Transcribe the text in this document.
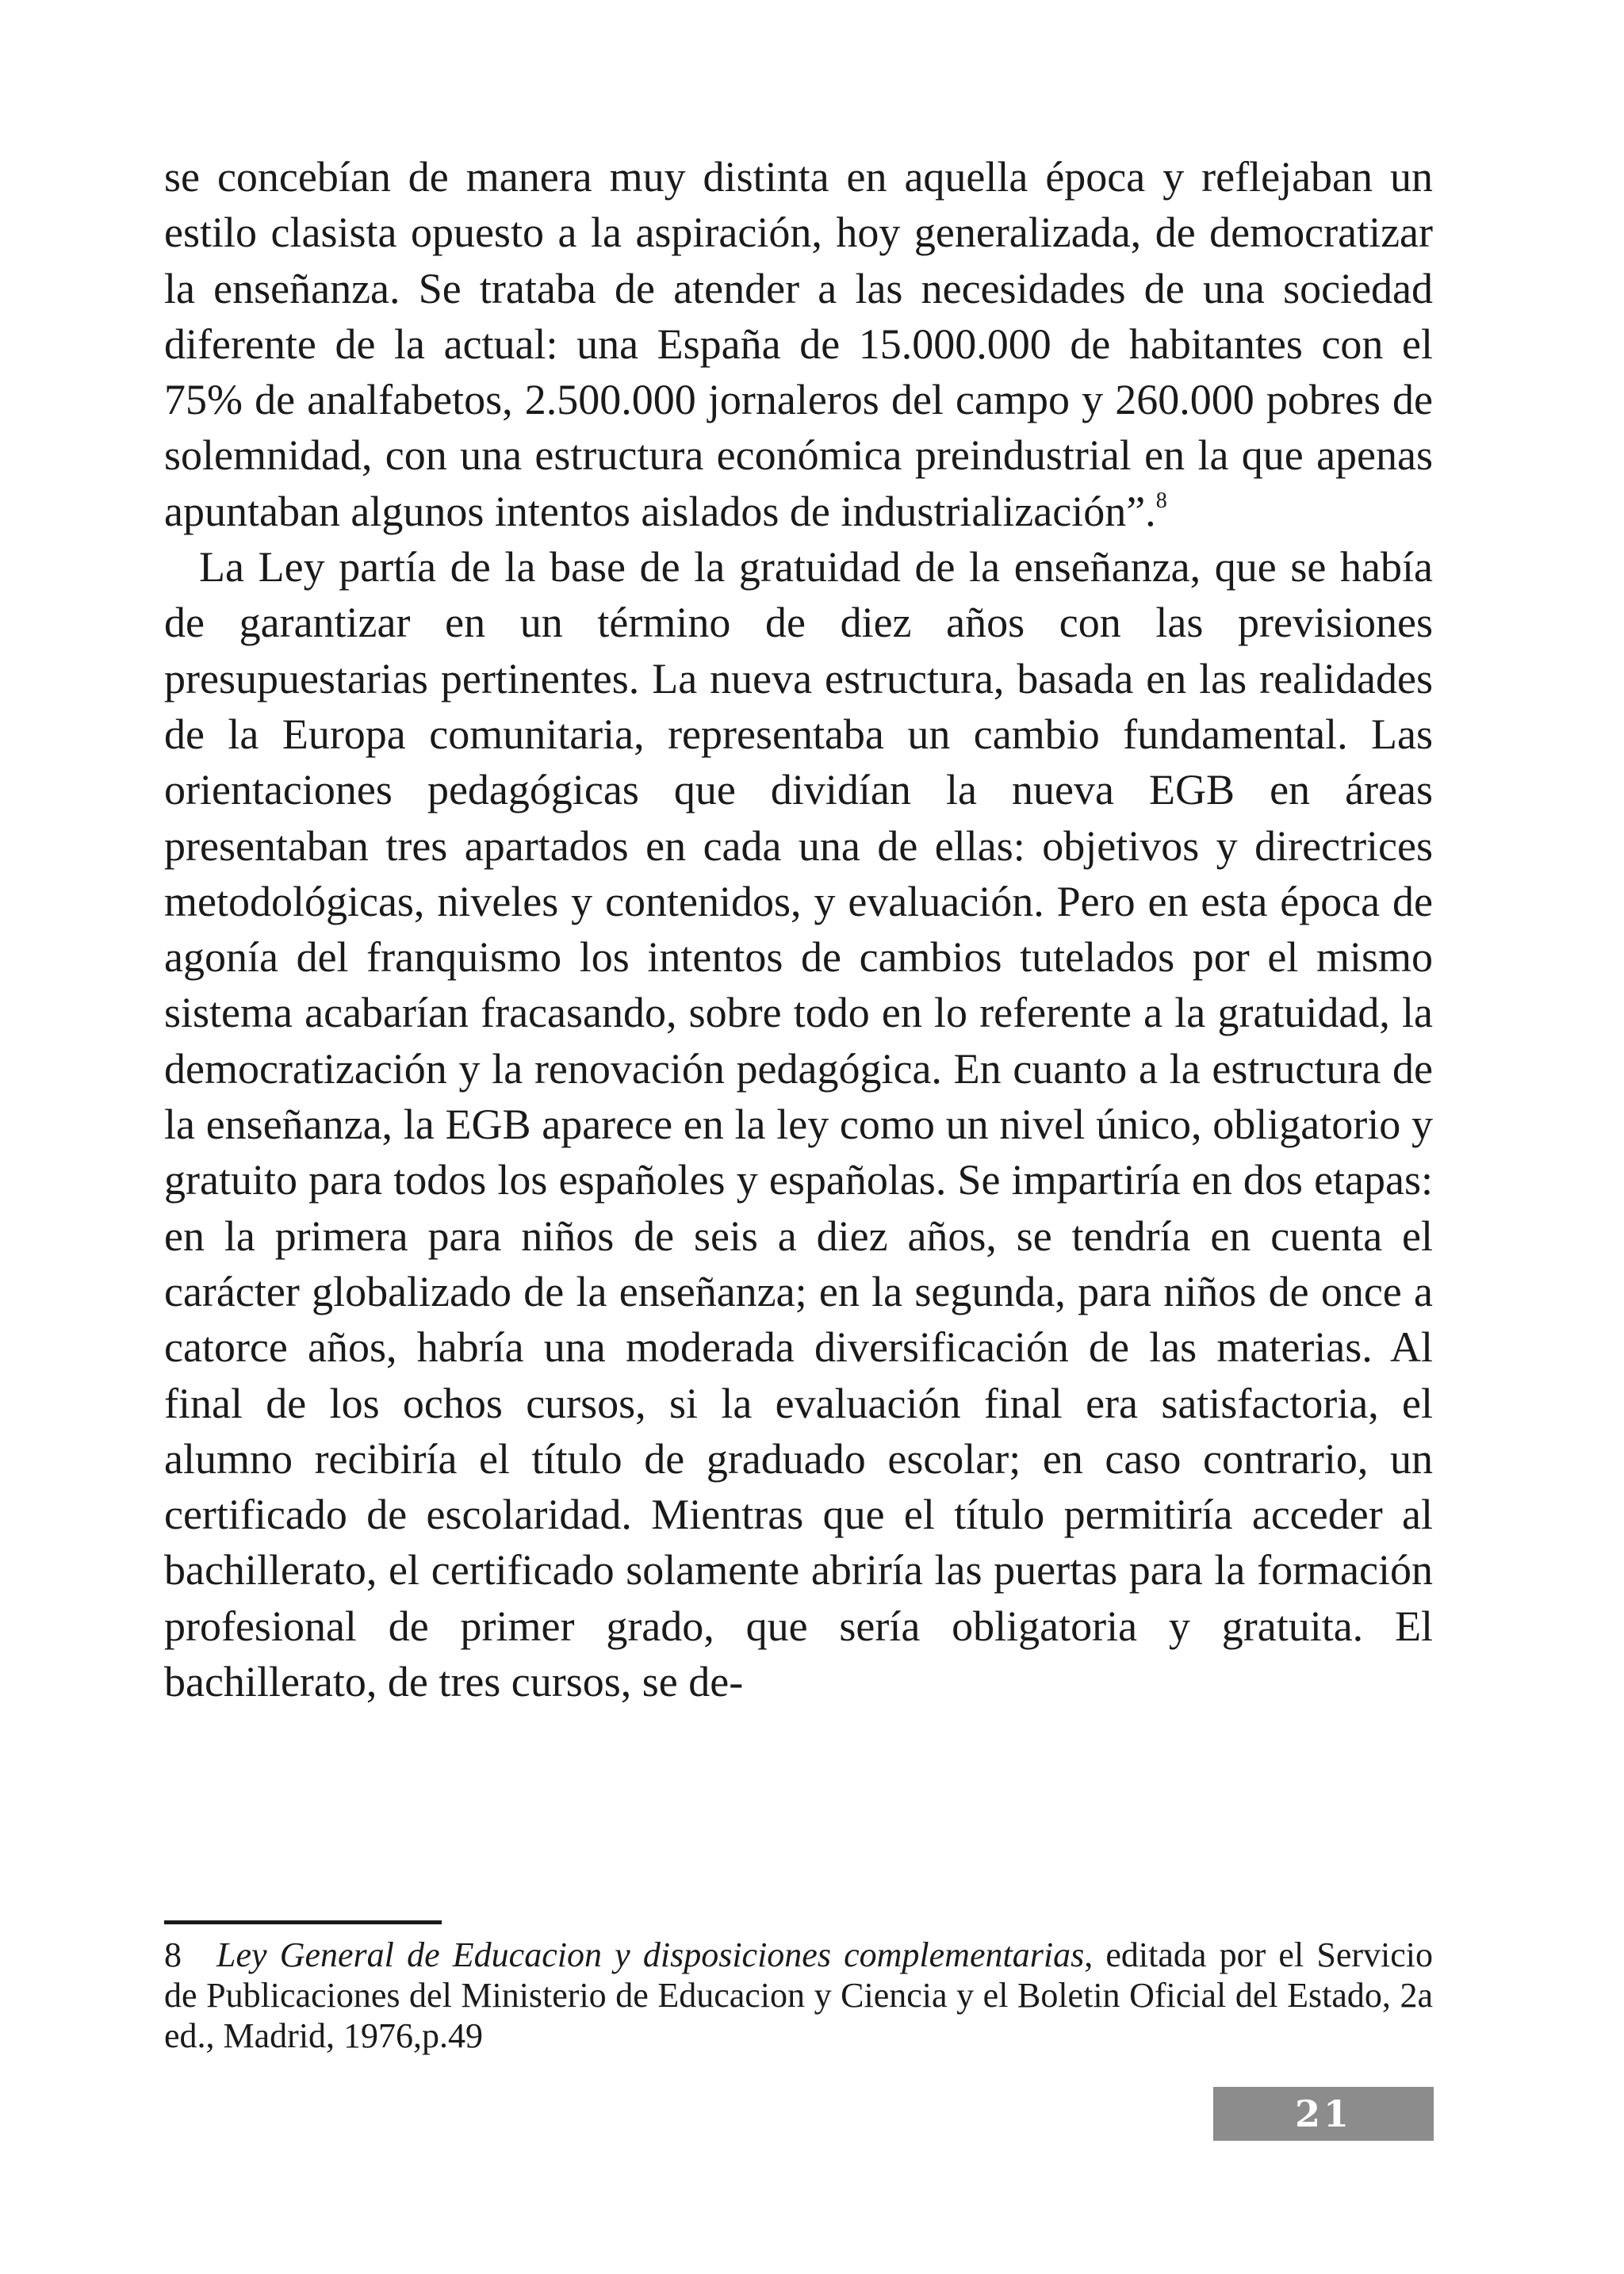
se concebían de manera muy distinta en aquella época y reflejaban un estilo clasista opuesto a la aspiración, hoy generalizada, de democratizar la enseñanza. Se trataba de atender a las necesidades de una sociedad diferente de la actual: una España de 15.000.000 de habitantes con el 75% de analfabetos, 2.500.000 jornaleros del campo y 260.000 pobres de solemnidad, con una estructura económica preindustrial en la que apenas apuntaban algunos intentos aislados de industrialización”.$^8$

La Ley partía de la base de la gratuidad de la enseñanza, que se había de garantizar en un término de diez años con las previsiones presupuestarias pertinentes. La nueva estructura, basada en las realidades de la Europa comunitaria, representaba un cambio fundamental. Las orientaciones pedagógicas que dividían la nueva EGB en áreas presentaban tres apartados en cada una de ellas: objetivos y directrices metodológicas, niveles y contenidos, y evaluación. Pero en esta época de agonía del franquismo los intentos de cambios tutelados por el mismo sistema acabarían fracasando, sobre todo en lo referente a la gratuidad, la democratización y la renovación pedagógica. En cuanto a la estructura de la enseñanza, la EGB aparece en la ley como un nivel único, obligatorio y gratuito para todos los españoles y españolas. Se impartiría en dos etapas: en la primera para niños de seis a diez años, se tendría en cuenta el carácter globalizado de la enseñanza; en la segunda, para niños de once a catorce años, habría una moderada diversificación de las materias. Al final de los ochos cursos, si la evaluación final era satisfactoria, el alumno recibiría el título de graduado escolar; en caso contrario, un certificado de escolaridad. Mientras que el título permitiría acceder al bachillerato, el certificado solamente abriría las puertas para la formación profesional de primer grado, que sería obligatoria y gratuita. El bachillerato, de tres cursos, se de-

8 Ley General de Educacion y disposiciones complementarias, editada por el Servicio de Publicaciones del Ministerio de Educacion y Ciencia y el Boletin Oficial del Estado, 2a ed., Madrid, 1976,p.49

21
